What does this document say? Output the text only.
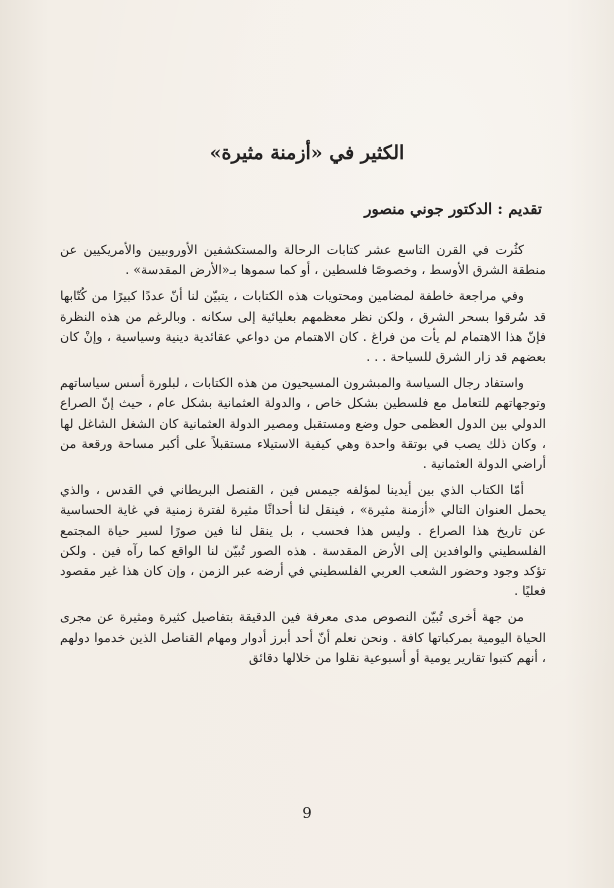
الكثير في «أزمنة مثيرة»
تقديم : الدكتور جوني منصور

كثُرت في القرن التاسع عشر كتابات الرحالة والمستكشفين الأوروبيين والأمريكيين عن منطقة الشرق الأوسط ، وخصوصًا فلسطين ، أو كما سموها بـ«الأرض المقدسة» .

وفي مراجعة خاطفة لمضامين ومحتويات هذه الكتابات ، يتبيّن لنا أنّ عددًا كبيرًا من كُتّابها قد سُرقوا بسحر الشرق ، ولكن نظر معظمهم بعليائية إلى سكانه . وبالرغم من هذه النظرة فإنّ هذا الاهتمام لم يأت من فراغ . كان الاهتمام من دواعي عقائدية دينية وسياسية ، وإنْ كان بعضهم قد زار الشرق للسياحة . . .

واستفاد رجال السياسة والمبشرون المسيحيون من هذه الكتابات ، لبلورة أسس سياساتهم وتوجهاتهم للتعامل مع فلسطين بشكل خاص ، والدولة العثمانية بشكل عام ، حيث إنّ الصراع الدولي بين الدول العظمى حول وضع ومستقبل ومصير الدولة العثمانية كان الشغل الشاغل لها ، وكان ذلك يصب في بوتقة واحدة وهي كيفية الاستيلاء مستقبلاً على أكبر مساحة ورقعة من أراضي الدولة العثمانية .

أمّا الكتاب الذي بين أيدينا لمؤلفه جيمس فين ، القنصل البريطاني في القدس ، والذي يحمل العنوان التالي «أزمنة مثيرة» ، فينقل لنا أحداثًا مثيرة لفترة زمنية في غاية الحساسية عن تاريخ هذا الصراع . وليس هذا فحسب ، بل ينقل لنا فين صورًا لسير حياة المجتمع الفلسطيني والوافدين إلى الأرض المقدسة . هذه الصور تُبيّن لنا الواقع كما رآه فين . ولكن تؤكد وجود وحضور الشعب العربي الفلسطيني في أرضه عبر الزمن ، وإن كان هذا غير مقصود فعليًا .

من جهة أخرى تُبيّن النصوص مدى معرفة فين الدقيقة بتفاصيل كثيرة ومثيرة عن مجرى الحياة اليومية بمركباتها كافة . ونحن نعلم أنّ أحد أبرز أدوار ومهام القناصل الذين خدموا دولهم ، أنهم كتبوا تقارير يومية أو أسبوعية نقلوا من خلالها دقائق

9
